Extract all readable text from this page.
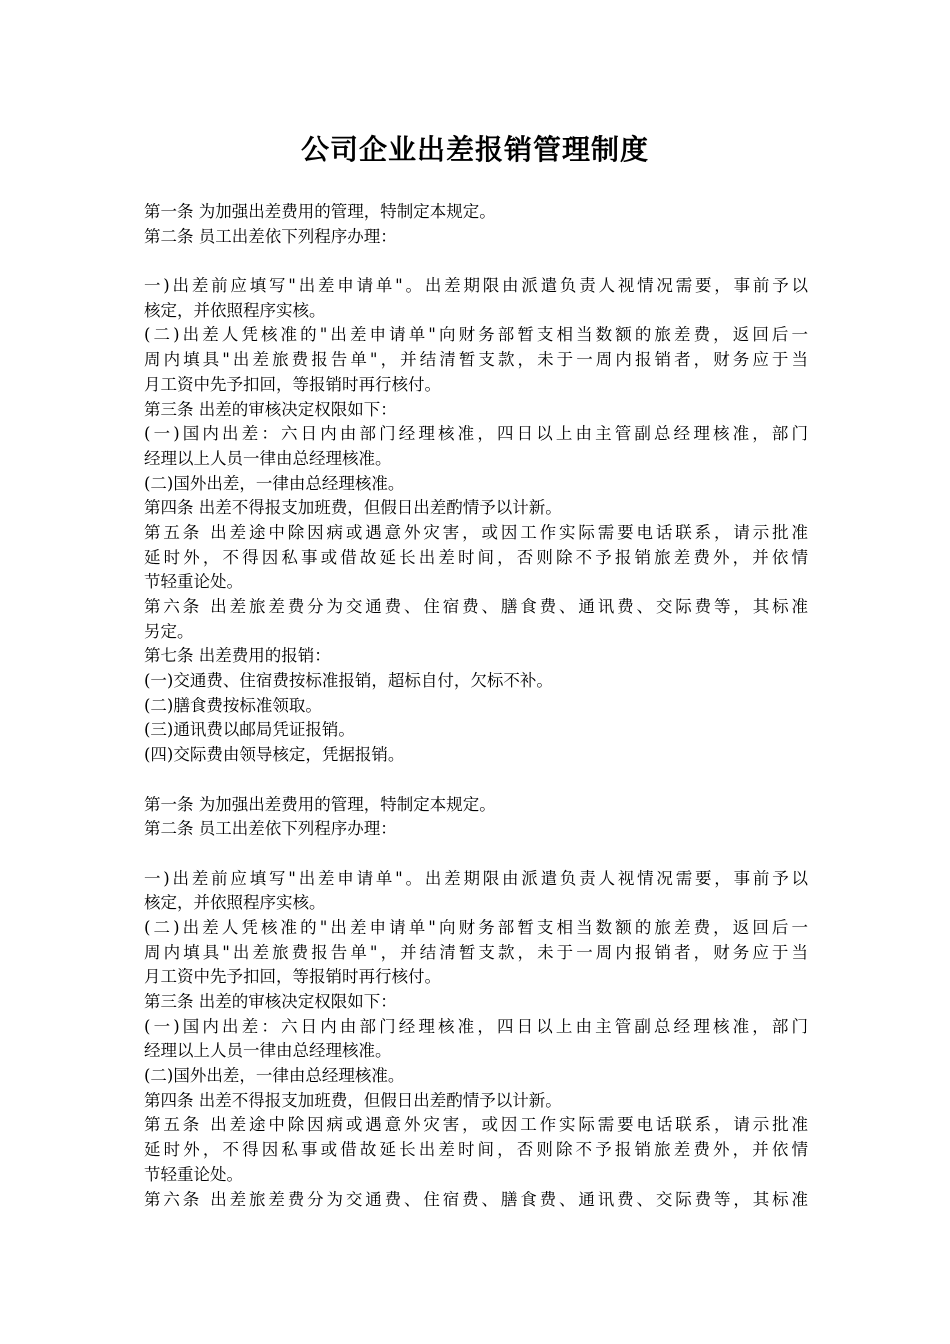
公司企业出差报销管理制度
第一条 为加强出差费用的管理，特制定本规定。
第二条 员工出差依下列程序办理：
一)出差前应填写"出差申请单"。出差期限由派遣负责人视情况需要，事前予以
核定，并依照程序实核。
(二)出差人凭核准的"出差申请单"向财务部暂支相当数额的旅差费，返回后一
周内填具"出差旅费报告单"，并结清暂支款，未于一周内报销者，财务应于当
月工资中先予扣回，等报销时再行核付。
第三条 出差的审核决定权限如下：
(一)国内出差：六日内由部门经理核准，四日以上由主管副总经理核准，部门
经理以上人员一律由总经理核准。
(二)国外出差，一律由总经理核准。
第四条 出差不得报支加班费，但假日出差酌情予以计新。
第五条 出差途中除因病或遇意外灾害，或因工作实际需要电话联系，请示批准
延时外，不得因私事或借故延长出差时间，否则除不予报销旅差费外，并依情
节轻重论处。
第六条 出差旅差费分为交通费、住宿费、膳食费、通讯费、交际费等，其标准
另定。
第七条 出差费用的报销：
(一)交通费、住宿费按标准报销，超标自付，欠标不补。
(二)膳食费按标准领取。
(三)通讯费以邮局凭证报销。
(四)交际费由领导核定，凭据报销。
第一条 为加强出差费用的管理，特制定本规定。
第二条 员工出差依下列程序办理：
一)出差前应填写"出差申请单"。出差期限由派遣负责人视情况需要，事前予以
核定，并依照程序实核。
(二)出差人凭核准的"出差申请单"向财务部暂支相当数额的旅差费，返回后一
周内填具"出差旅费报告单"，并结清暂支款，未于一周内报销者，财务应于当
月工资中先予扣回，等报销时再行核付。
第三条 出差的审核决定权限如下：
(一)国内出差：六日内由部门经理核准，四日以上由主管副总经理核准，部门
经理以上人员一律由总经理核准。
(二)国外出差，一律由总经理核准。
第四条 出差不得报支加班费，但假日出差酌情予以计新。
第五条 出差途中除因病或遇意外灾害，或因工作实际需要电话联系，请示批准
延时外，不得因私事或借故延长出差时间，否则除不予报销旅差费外，并依情
节轻重论处。
第六条 出差旅差费分为交通费、住宿费、膳食费、通讯费、交际费等，其标准
